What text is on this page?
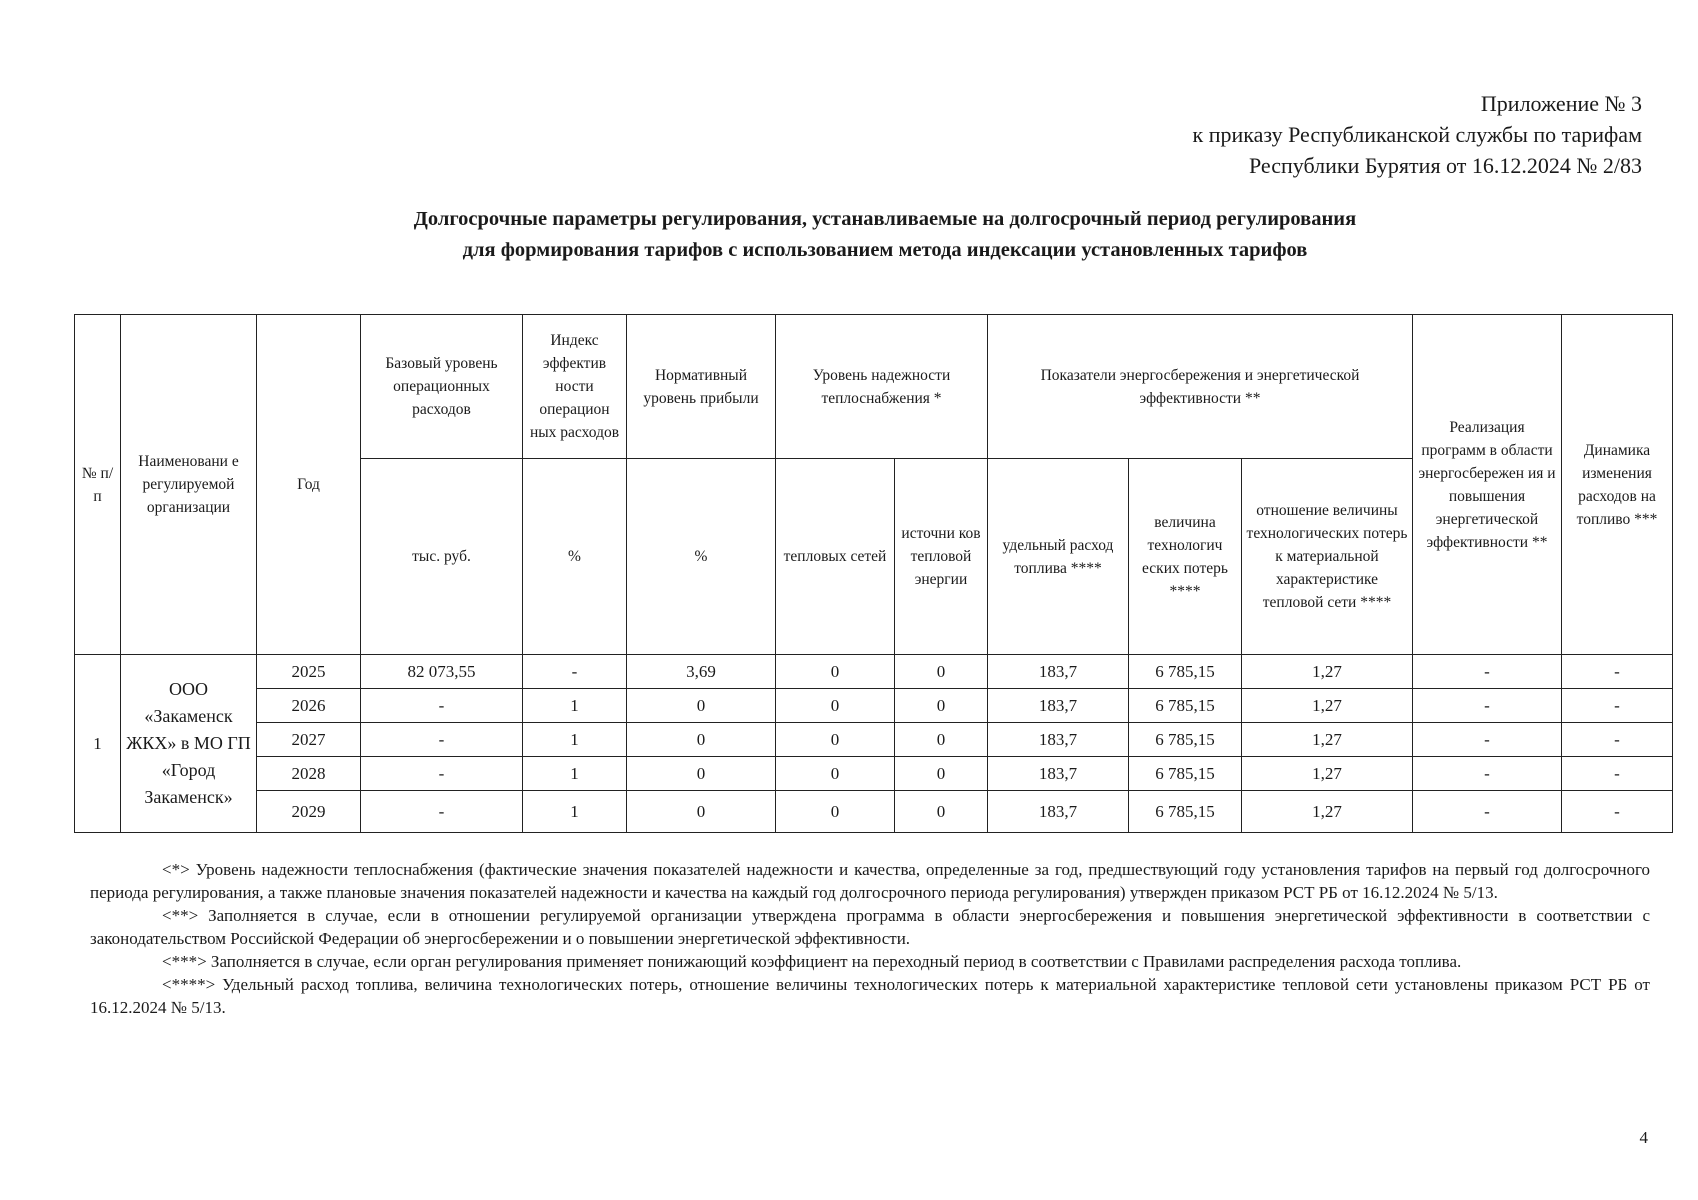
Приложение № 3
к приказу Республиканской службы по тарифам
Республики Бурятия от 16.12.2024 № 2/83
Долгосрочные параметры регулирования, устанавливаемые на долгосрочный период регулирования
для формирования тарифов с использованием метода индексации установленных тарифов
№ п/ п	Наименовани е регулируемой организации	Год	Базовый уровень операционных расходов	Индекс эффектив ности операцион ных расходов	Нормативный уровень прибыли	Уровень надежности теплоснабжения *		Показатели энергосбережения и энергетической эффективности **			Реализация программ в области энергосбережен ия и повышения энергетической эффективности **	Динамика изменения расходов на топливо ***
			тыс. руб.	%	%	тепловых сетей	источни ков тепловой энергии	удельный расход топлива ****	величина технологич еских потерь ****	отношение величины технологических потерь к материальной характеристике тепловой сети ****		
1	ООО «Закаменск ЖКХ» в МО ГП «Город Закаменск»	2025	82 073,55	-	3,69	0	0	183,7	6 785,15	1,27	-	-
		2026	-	1	0	0	0	183,7	6 785,15	1,27	-	-
		2027	-	1	0	0	0	183,7	6 785,15	1,27	-	-
		2028	-	1	0	0	0	183,7	6 785,15	1,27	-	-
		2029	-	1	0	0	0	183,7	6 785,15	1,27	-	-

<*> Уровень надежности теплоснабжения (фактические значения показателей надежности и качества, определенные за год, предшествующий году установления тарифов на первый год долгосрочного периода регулирования, а также плановые значения показателей надежности и качества на каждый год долгосрочного периода регулирования) утвержден приказом РСТ РБ от 16.12.2024 № 5/13.

<**> Заполняется в случае, если в отношении регулируемой организации утверждена программа в области энергосбережения и повышения энергетической эффективности в соответствии с законодательством Российской Федерации об энергосбережении и о повышении энергетической эффективности.

<***> Заполняется в случае, если орган регулирования применяет понижающий коэффициент на переходный период в соответствии с Правилами распределения расхода топлива.

<****> Удельный расход топлива, величина технологических потерь, отношение величины технологических потерь к материальной характеристике тепловой сети установлены приказом РСТ РБ от 16.12.2024 № 5/13.

4
